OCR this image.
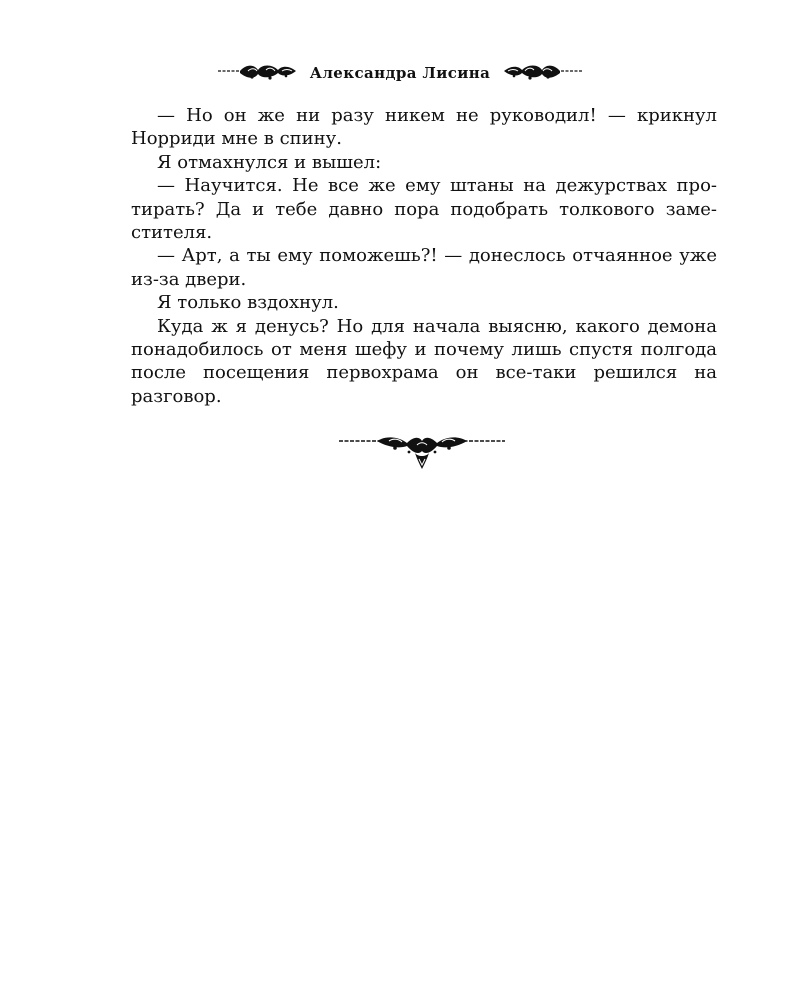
Александра Лисина

— Но он же ни разу никем не руководил! — крикнул Норриди мне в спину.

Я отмахнулся и вышел:

— Научится. Не все же ему штаны на дежурствах протирать? Да и тебе давно пора подобрать толкового заместителя.

— Арт, а ты ему поможешь?! — донеслось отчаянное уже из-за двери.

Я только вздохнул.

Куда ж я денусь? Но для начала выясню, какого демона понадобилось от меня шефу и почему лишь спустя полгода после посещения первохрама он все-таки решился на разговор.
